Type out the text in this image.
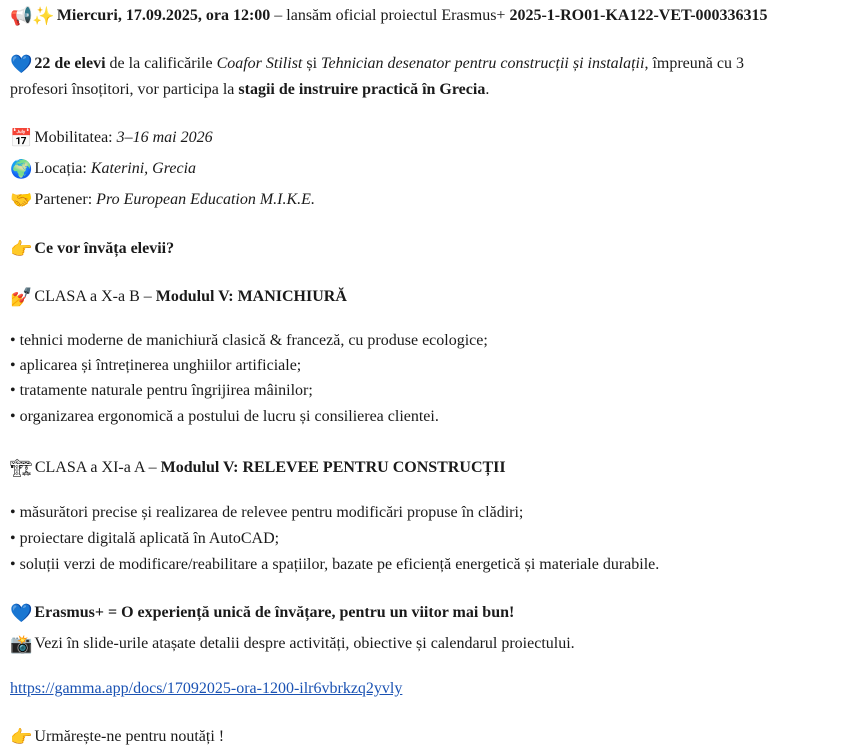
📢✨ Miercuri, 17.09.2025, ora 12:00 – lansăm oficial proiectul Erasmus+ 2025-1-RO01-KA122-VET-000336315
💙 22 de elevi de la calificările Coafor Stilist și Tehnician desenator pentru construcții și instalații, împreună cu 3
profesori însoțitori, vor participa la stagii de instruire practică în Grecia.
📅 Mobilitatea: 3–16 mai 2026
🌍 Locația: Katerini, Grecia
🤝 Partener: Pro European Education M.I.K.E.
👉 Ce vor învăța elevii?
💅 CLASA a X-a B – Modulul V: MANICHIURĂ
• tehnici moderne de manichiură clasică & franceză, cu produse ecologice;
• aplicarea și întreținerea unghiilor artificiale;
• tratamente naturale pentru îngrijirea mâinilor;
• organizarea ergonomică a postului de lucru și consilierea clientei.
🏗 CLASA a XI-a A – Modulul V: RELEVEE PENTRU CONSTRUCȚII
• măsurători precise și realizarea de relevee pentru modificări propuse în clădiri;
• proiectare digitală aplicată în AutoCAD;
• soluții verzi de modificare/reabilitare a spațiilor, bazate pe eficiență energetică și materiale durabile.
💙 Erasmus+ = O experiență unică de învățare, pentru un viitor mai bun!
📸 Vezi în slide-urile atașate detalii despre activități, obiective și calendarul proiectului.
https://gamma.app/docs/17092025-ora-1200-ilr6vbrkzq2yvly
👉 Urmărește-ne pentru noutăți !
